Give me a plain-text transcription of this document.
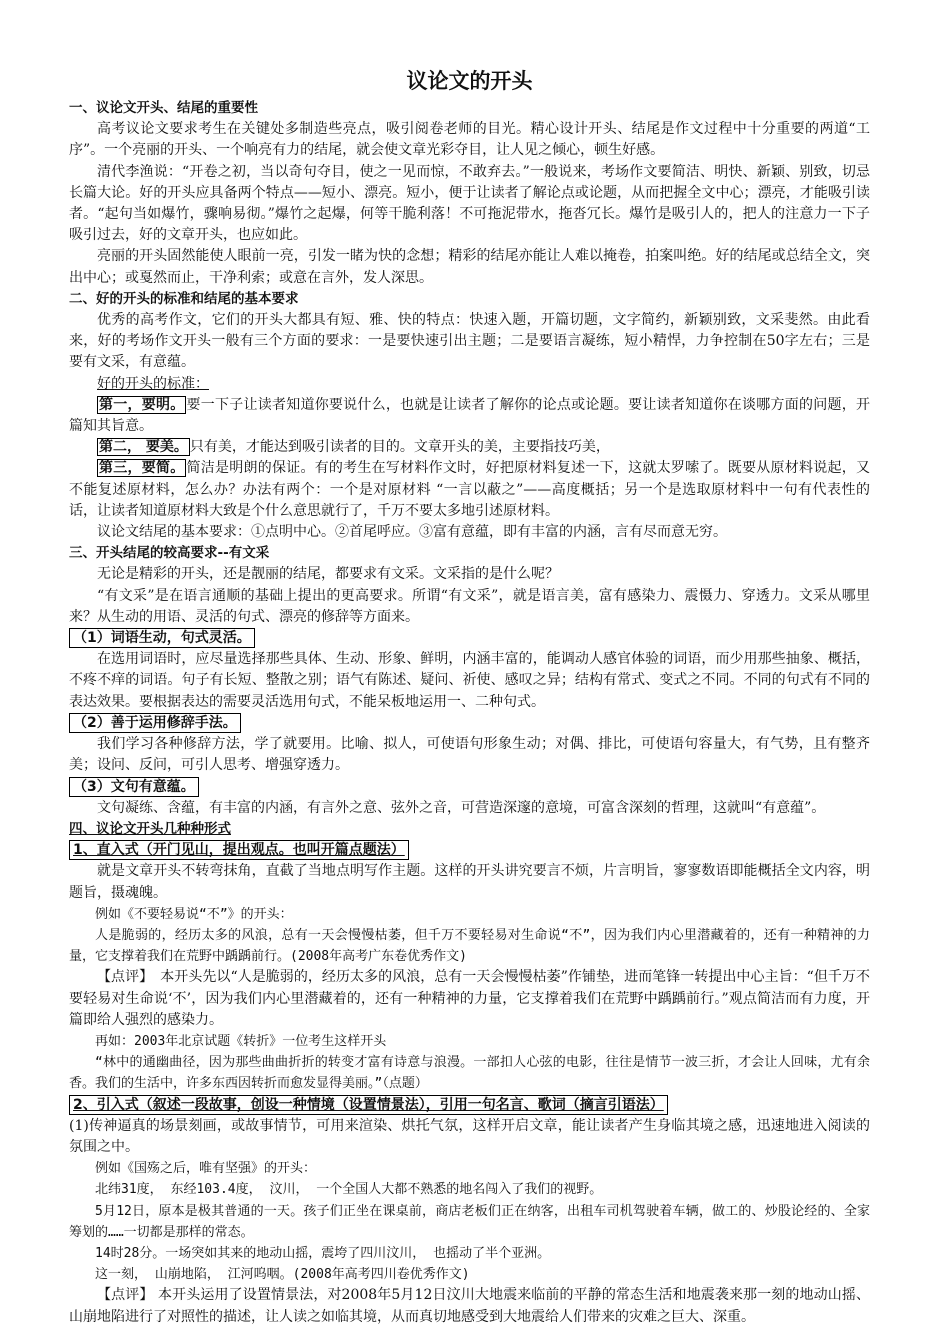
议论文的开头
一、议论文开头、结尾的重要性

高考议论文要求考生在关键处多制造些亮点，吸引阅卷老师的目光。精心设计开头、结尾是作文过程中十分重要的两道“工序”。一个亮丽的开头、一个响亮有力的结尾，就会使文章光彩夺目，让人见之倾心，顿生好感。

清代李渔说：“开卷之初，当以奇句夺目，使之一见而惊，不敢弃去。”一般说来，考场作文要简洁、明快、新颖、别致，切忌长篇大论。好的开头应具备两个特点——短小、漂亮。短小，便于让读者了解论点或论题，从而把握全文中心；漂亮，才能吸引读者。“起句当如爆竹，骤响易彻。”爆竹之起爆，何等干脆利落！不可拖泥带水，拖沓冗长。爆竹是吸引人的，把人的注意力一下子吸引过去，好的文章开头，也应如此。

亮丽的开头固然能使人眼前一亮，引发一睹为快的念想；精彩的结尾亦能让人难以掩卷，拍案叫绝。好的结尾或总结全文，突出中心；或戛然而止，干净利索；或意在言外，发人深思。

二、好的开头的标准和结尾的基本要求

优秀的高考作文，它们的开头大都具有短、雅、快的特点：快速入题，开篇切题，文字简约，新颖别致，文采斐然。由此看来，好的考场作文开头一般有三个方面的要求：一是要快速引出主题；二是要语言凝练，短小精悍，力争控制在50字左右；三是要有文采，有意蕴。

好的开头的标准：

第一，要明。 要一下子让读者知道你要说什么，也就是让读者了解你的论点或论题。要让读者知道你在谈哪方面的问题，开篇知其旨意。

第二， 要美。 只有美，才能达到吸引读者的目的。文章开头的美，主要指技巧美，

第三，要简。 简洁是明朗的保证。有的考生在写材料作文时，好把原材料复述一下，这就太罗嗦了。既要从原材料说起，又不能复述原材料，怎么办？办法有两个：一个是对原材料 “一言以蔽之”——高度概括；另一个是选取原材料中一句有代表性的话，让读者知道原材料大致是个什么意思就行了，千万不要太多地引述原材料。

议论文结尾的基本要求：①点明中心。②首尾呼应。③富有意蕴，即有丰富的内涵，言有尽而意无穷。

三、开头结尾的较高要求--有文采

无论是精彩的开头，还是靓丽的结尾，都要求有文采。文采指的是什么呢？

“有文采”是在语言通顺的基础上提出的更高要求。所谓“有文采”，就是语言美，富有感染力、震慑力、穿透力。文采从哪里来？从生动的用语、灵活的句式、漂亮的修辞等方面来。

（1）词语生动，句式灵活。

在选用词语时，应尽量选择那些具体、生动、形象、鲜明，内涵丰富的，能调动人感官体验的词语，而少用那些抽象、概括，不疼不痒的词语。句子有长短、整散之别；语气有陈述、疑问、祈使、感叹之异；结构有常式、变式之不同。不同的句式有不同的表达效果。要根据表达的需要灵活选用句式，不能呆板地运用一、二种句式。

（2）善于运用修辞手法。

我们学习各种修辞方法，学了就要用。比喻、拟人，可使语句形象生动；对偶、排比，可使语句容量大，有气势，且有整齐美；设问、反问，可引人思考、增强穿透力。

（3）文句有意蕴。

文句凝练、含蕴，有丰富的内涵，有言外之意、弦外之音，可营造深邃的意境，可富含深刻的哲理，这就叫“有意蕴”。

四、议论文开头几种种形式
1、直入式（开门见山，提出观点。也叫开篇点题法）

就是文章开头不转弯抹角，直截了当地点明写作主题。这样的开头讲究要言不烦，片言明旨，寥寥数语即能概括全文内容，明题旨，摄魂魄。

例如《不要轻易说“不”》的开头：

人是脆弱的，经历太多的风浪，总有一天会慢慢枯萎，但千万不要轻易对生命说“不”，因为我们内心里潜藏着的，还有一种精神的力量，它支撑着我们在荒野中踽踽前行。(2008年高考广东卷优秀作文)

【点评】　本开头先以“人是脆弱的，经历太多的风浪，总有一天会慢慢枯萎”作铺垫，进而笔锋一转提出中心主旨：“但千万不要轻易对生命说‘不’，因为我们内心里潜藏着的，还有一种精神的力量，它支撑着我们在荒野中踽踽前行。”观点简洁而有力度，开篇即给人强烈的感染力。

再如：2003年北京试题《转折》一位考生这样开头

“林中的通幽曲径，因为那些曲曲折折的转变才富有诗意与浪漫。一部扣人心弦的电影，往往是情节一波三折，才会让人回味，尤有余香。我们的生活中，许多东西因转折而愈发显得美丽。”（点题）

2、引入式（叙述一段故事，创设一种情境（设置情景法），引用一句名言、歌词（摘言引语法）

(1)传神逼真的场景刻画，或故事情节，可用来渲染、烘托气氛，这样开启文章，能让读者产生身临其境之感，迅速地进入阅读的氛围之中。

例如《国殇之后，唯有坚强》的开头：

北纬31度， 东经103.4度， 汶川， 一个全国人大都不熟悉的地名闯入了我们的视野。

5月12日，原本是极其普通的一天。孩子们正坐在课桌前，商店老板们正在纳客，出租车司机驾驶着车辆，做工的、炒股论经的、全家筹划的……一切都是那样的常态。

14时28分。一场突如其来的地动山摇，震垮了四川汶川， 也摇动了半个亚洲。

这一刻， 山崩地陷， 江河呜咽。(2008年高考四川卷优秀作文)

【点评】 本开头运用了设置情景法，对2008年5月12日汶川大地震来临前的平静的常态生活和地震袭来那一刻的地动山摇、山崩地陷进行了对照性的描述，让人读之如临其境，从而真切地感受到大地震给人们带来的灾难之巨大、深重。
